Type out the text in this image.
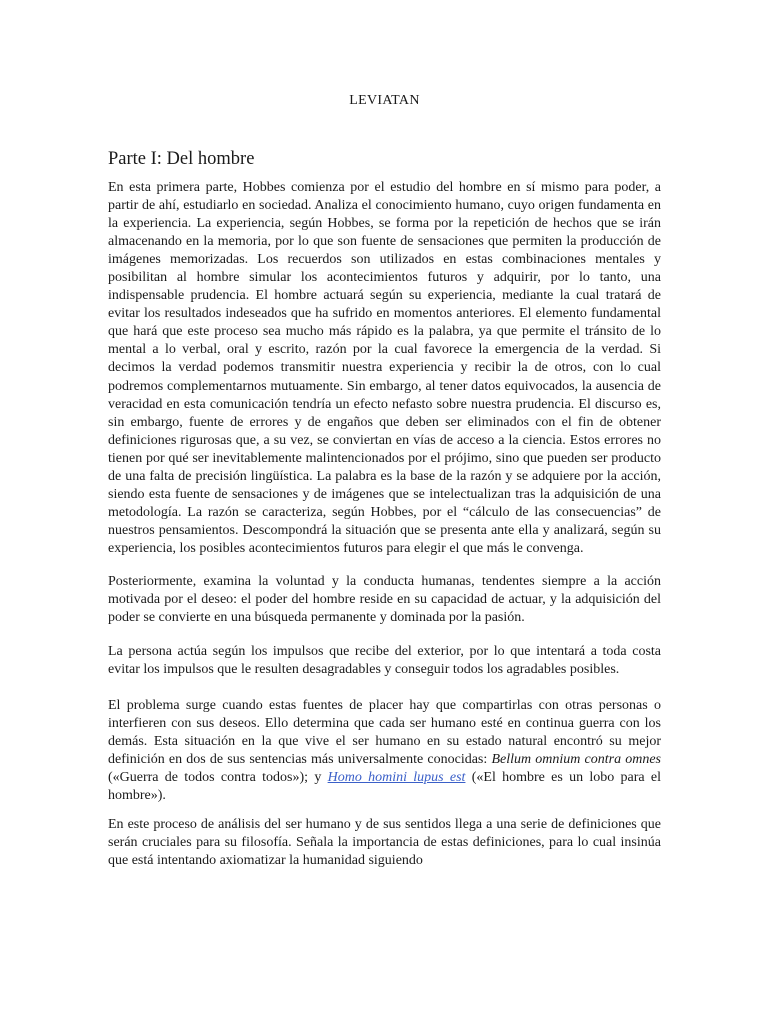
LEVIATAN
Parte I: Del hombre

En esta primera parte, Hobbes comienza por el estudio del hombre en sí mismo para poder, a partir de ahí, estudiarlo en sociedad. Analiza el conocimiento humano, cuyo origen fundamenta en la experiencia. La experiencia, según Hobbes, se forma por la repetición de hechos que se irán almacenando en la memoria, por lo que son fuente de sensaciones que permiten la producción de imágenes memorizadas. Los recuerdos son utilizados en estas combinaciones mentales y posibilitan al hombre simular los acontecimientos futuros y adquirir, por lo tanto, una indispensable prudencia. El hombre actuará según su experiencia, mediante la cual tratará de evitar los resultados indeseados que ha sufrido en momentos anteriores. El elemento fundamental que hará que este proceso sea mucho más rápido es la palabra, ya que permite el tránsito de lo mental a lo verbal, oral y escrito, razón por la cual favorece la emergencia de la verdad. Si decimos la verdad podemos transmitir nuestra experiencia y recibir la de otros, con lo cual podremos complementarnos mutuamente. Sin embargo, al tener datos equivocados, la ausencia de veracidad en esta comunicación tendría un efecto nefasto sobre nuestra prudencia. El discurso es, sin embargo, fuente de errores y de engaños que deben ser eliminados con el fin de obtener definiciones rigurosas que, a su vez, se conviertan en vías de acceso a la ciencia. Estos errores no tienen por qué ser inevitablemente malintencionados por el prójimo, sino que pueden ser producto de una falta de precisión lingüística. La palabra es la base de la razón y se adquiere por la acción, siendo esta fuente de sensaciones y de imágenes que se intelectualizan tras la adquisición de una metodología. La razón se caracteriza, según Hobbes, por el “cálculo de las consecuencias” de nuestros pensamientos. Descompondrá la situación que se presenta ante ella y analizará, según su experiencia, los posibles acontecimientos futuros para elegir el que más le convenga.

Posteriormente, examina la voluntad y la conducta humanas, tendentes siempre a la acción motivada por el deseo: el poder del hombre reside en su capacidad de actuar, y la adquisición del poder se convierte en una búsqueda permanente y dominada por la pasión.

La persona actúa según los impulsos que recibe del exterior, por lo que intentará a toda costa evitar los impulsos que le resulten desagradables y conseguir todos los agradables posibles.

El problema surge cuando estas fuentes de placer hay que compartirlas con otras personas o interfieren con sus deseos. Ello determina que cada ser humano esté en continua guerra con los demás. Esta situación en la que vive el ser humano en su estado natural encontró su mejor definición en dos de sus sentencias más universalmente conocidas: Bellum omnium contra omnes («Guerra de todos contra todos»); y Homo homini lupus est («El hombre es un lobo para el hombre»).

En este proceso de análisis del ser humano y de sus sentidos llega a una serie de definiciones que serán cruciales para su filosofía. Señala la importancia de estas definiciones, para lo cual insinúa que está intentando axiomatizar la humanidad siguiendo
